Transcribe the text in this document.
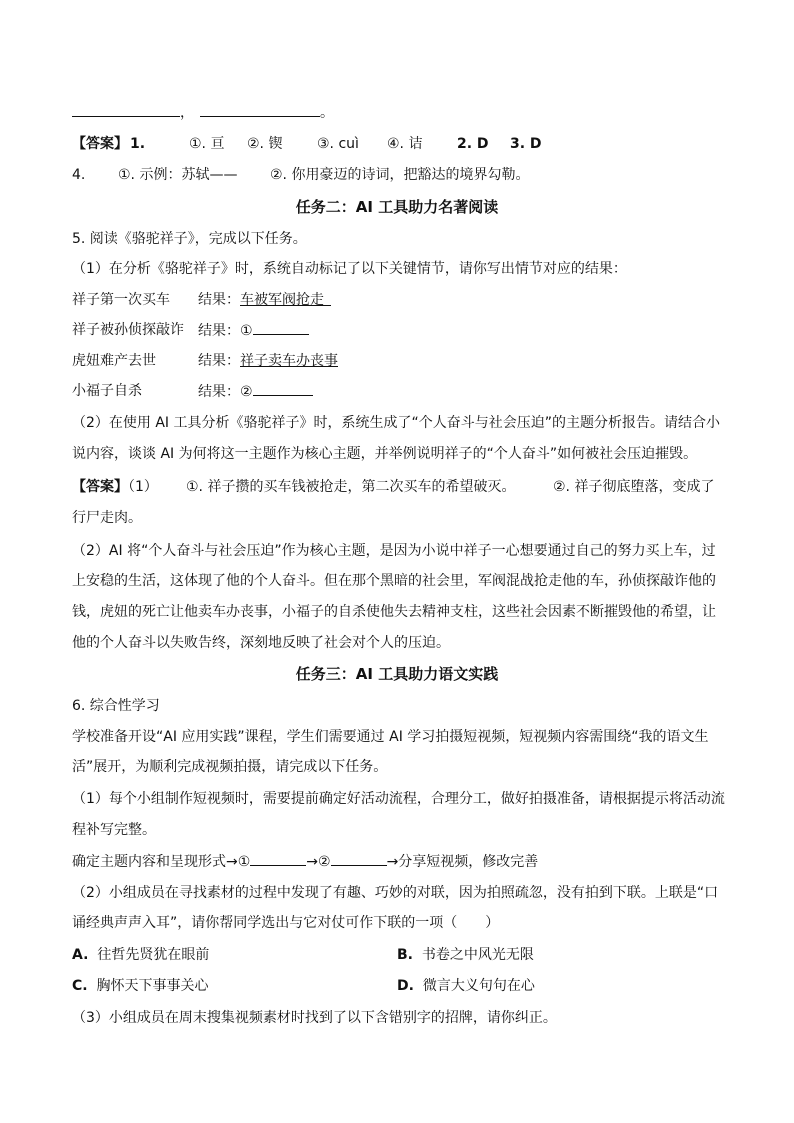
，	。
【答案】 1.	①. 亘 ②. 锲 ③. cuì ④. 诘 2. D 3. D
4. ①. 示例：苏轼—— ②. 你用豪迈的诗词，把豁达的境界勾勒。
任务二：AI 工具助力名著阅读
5. 阅读《骆驼祥子》，完成以下任务。
（1）在分析《骆驼祥子》时，系统自动标记了以下关键情节，请你写出情节对应的结果：
祥子第一次买车 结果：车被军阀抢走 
祥子被孙侦探敲诈 结果：①
虎妞难产去世	结果：祥子卖车办丧事
小福子自杀	结果：②
（2）在使用 AI 工具分析《骆驼祥子》时，系统生成了“个人奋斗与社会压迫”的主题分析报告。请结合小
说内容，谈谈 AI 为何将这一主题作为核心主题，并举例说明祥子的“个人奋斗”如何被社会压迫摧毁。
【答案】（1） ①. 祥子攒的买车钱被抢走，第二次买车的希望破灭。	②. 祥子彻底堕落，变成了
行尸走肉。
（2）AI 将“个人奋斗与社会压迫”作为核心主题，是因为小说中祥子一心想要通过自己的努力买上车，过
上安稳的生活，这体现了他的个人奋斗。但在那个黑暗的社会里，军阀混战抢走他的车，孙侦探敲诈他的
钱，虎妞的死亡让他卖车办丧事，小福子的自杀使他失去精神支柱，这些社会因素不断摧毁他的希望，让
他的个人奋斗以失败告终，深刻地反映了社会对个人的压迫。
任务三：AI 工具助力语文实践
6. 综合性学习
学校准备开设“AI 应用实践”课程，学生们需要通过 AI 学习拍摄短视频，短视频内容需围绕“我的语文生
活”展开，为顺利完成视频拍摄，请完成以下任务。
（1）每个小组制作短视频时，需要提前确定好活动流程，合理分工，做好拍摄准备，请根据提示将活动流
程补写完整。
确定主题内容和呈现形式→①	→②	→分享短视频，修改完善
（2）小组成员在寻找素材的过程中发现了有趣、巧妙的对联，因为拍照疏忽，没有拍到下联。上联是“口
诵经典声声入耳”，请你帮同学选出与它对仗可作下联的一项（　　）
A. 往哲先贤犹在眼前	B. 书卷之中风光无限
C. 胸怀天下事事关心	D. 微言大义句句在心
（3）小组成员在周末搜集视频素材时找到了以下含错别字的招牌，请你纠正。
